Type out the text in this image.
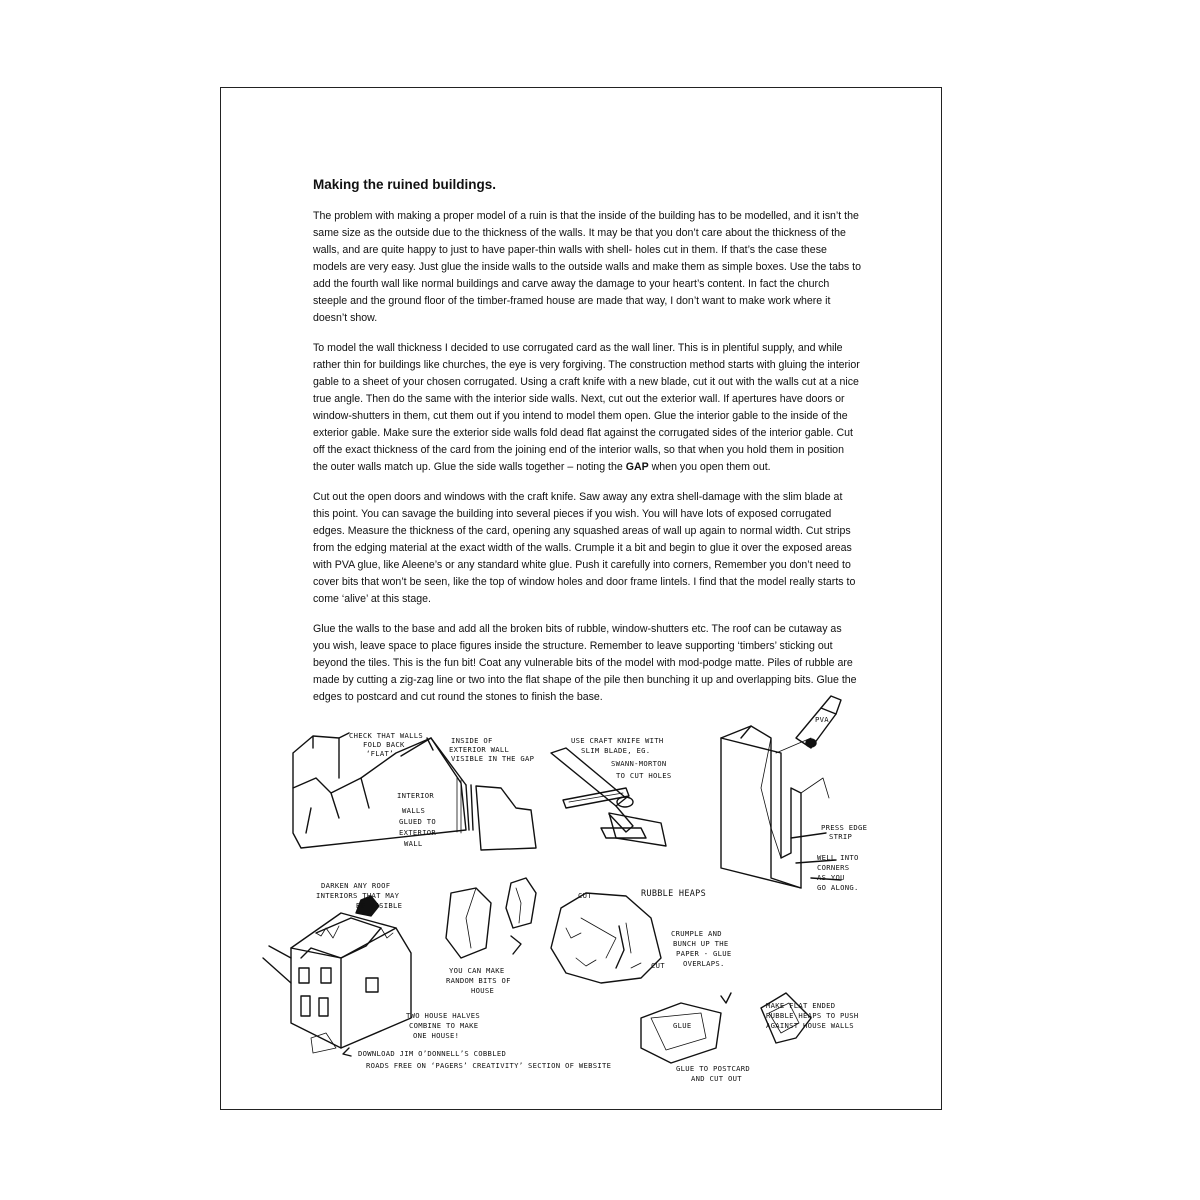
Making the ruined buildings.

The problem with making a proper model of a ruin is that the inside of the building has to be modelled, and it isn’t the same size as the outside due to the thickness of the walls. It may be that you don’t care about the thickness of the walls, and are quite happy to just to have paper-thin walls with shell- holes cut in them. If that’s the case these models are very easy. Just glue the inside walls to the outside walls and make them as simple boxes. Use the tabs to add the fourth wall like normal buildings and carve away the damage to your heart’s content. In fact the church steeple and the ground floor of the timber-framed house are made that way, I don’t want to make work where it doesn’t show.

To model the wall thickness I decided to use corrugated card as the wall liner. This is in plentiful supply, and while rather thin for buildings like churches, the eye is very forgiving. The construction method starts with gluing the interior gable to a sheet of your chosen corrugated. Using a craft knife with a new blade, cut it out with the walls cut at a nice true angle. Then do the same with the interior side walls. Next, cut out the exterior wall. If apertures have doors or window-shutters in them, cut them out if you intend to model them open. Glue the interior gable to the inside of the exterior gable. Make sure the exterior side walls fold dead flat against the corrugated sides of the interior gable. Cut off the exact thickness of the card from the joining end of the interior walls, so that when you hold them in position the outer walls match up. Glue the side walls together – noting the GAP when you open them out.

Cut out the open doors and windows with the craft knife. Saw away any extra shell-damage with the slim blade at this point. You can savage the building into several pieces if you wish. You will have lots of exposed corrugated edges. Measure the thickness of the card, opening any squashed areas of wall up again to normal width. Cut strips from the edging material at the exact width of the walls. Crumple it a bit and begin to glue it over the exposed areas with PVA glue, like Aleene’s or any standard white glue. Push it carefully into corners, Remember you don’t need to cover bits that won’t be seen, like the top of window holes and door frame lintels. I find that the model really starts to come ‘alive’ at this stage.

Glue the walls to the base and add all the broken bits of rubble, window-shutters etc. The roof can be cutaway as you wish, leave space to place figures inside the structure. Remember to leave supporting ‘timbers’ sticking out beyond the tiles. This is the fun bit! Coat any vulnerable bits of the model with mod-podge matte. Piles of rubble are made by cutting a zig-zag line or two into the flat shape of the pile then bunching it up and overlapping bits. Glue the edges to postcard and cut round the stones to finish the base.

CHECK THAT WALLS
FOLD BACK
‘FLAT’
INSIDE OF
EXTERIOR WALL
VISIBLE IN THE GAP
INTERIOR
WALLS
GLUED TO
EXTERIOR
WALL
USE CRAFT KNIFE WITH
SLIM BLADE, EG.
SWANN-MORTON
TO CUT HOLES
PVA
PRESS EDGE
STRIP
WELL INTO
CORNERS
AS YOU
GO ALONG.
DARKEN ANY ROOF
INTERIORS THAT MAY
BE VISIBLE
YOU CAN MAKE
RANDOM BITS OF
HOUSE
CUT	RUBBLE HEAPS
CUT
CRUMPLE AND
BUNCH UP THE
PAPER - GLUE
OVERLAPS.
GLUE
GLUE TO POSTCARD
AND CUT OUT
MAKE FLAT ENDED
RUBBLE HEAPS TO PUSH
AGAINST HOUSE WALLS
TWO HOUSE HALVES
COMBINE TO MAKE
ONE HOUSE!
DOWNLOAD JIM O’DONNELL’S COBBLED
ROADS FREE ON ‘PAGERS’ CREATIVITY’ SECTION OF WEBSITE
